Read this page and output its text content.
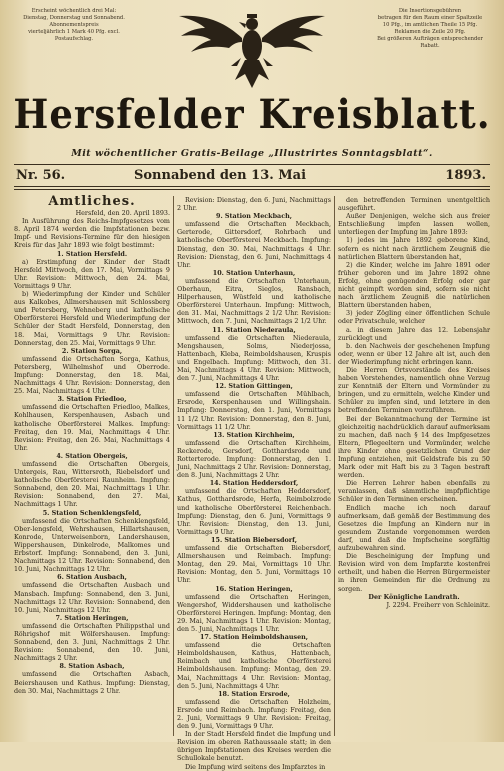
Erscheint wöchentlich drei Mal:
Dienstag, Donnerstag und Sonnabend.
Abonnementspreis
vierteljährlich 1 Mark 40 Pfg. excl.
Postaufschlag.
Die Insertionsgebühren
betragen für den Raum einer Spaltzeile
10 Pfg., im amtlichen Theile 15 Pfg.
Reklamen die Zeile 20 Pfg.
Bei größeren Aufträgen entsprechender
Rabatt.
Hersfelder Kreisblatt.
Mit wöchentlicher Gratis-Beilage „Illustrirtes Sonntagsblatt“.
Nr. 56.	Sonnabend den 13. Mai	1893.
Amtliches.

Hersfeld, den 20. April 1893.

In Ausführung des Reichs-Impfgesetzes vom 8. April 1874 werden die Impfstationen bezw. Impf- und Revisions-Termine für den hiesigen Kreis für das Jahr 1893 wie folgt bestimmt:

1. Station Hersfeld.

a) Erstimpfung der Kinder der Stadt Hersfeld Mittwoch, den 17. Mai, Vormittags 9 Uhr. Revision: Mittwoch, den 24. Mai, Vormittags 9 Uhr.

b) Wiederimpfung der Kinder und Schüler aus Kalkobes, Allmershausen mit Schlossberg und Petersberg, Wehneberg und katholische Oberförsterei Hersfeld und Wiederimpfung der Schüler der Stadt Hersfeld, Donnerstag, den 18. Mai, Vormittags 9 Uhr. Revision: Donnerstag, den 25. Mai, Vormittags 9 Uhr.

2. Station Sorga,

umfassend die Ortschaften Sorga, Kathus, Petersberg, Wilhelmshof und Oberrode. Impfung: Donnerstag, den 18. Mai, Nachmittags 4 Uhr. Revision: Donnerstag, den 25. Mai, Nachmittags 4 Uhr.

3. Station Friedloo,

umfassend die Ortschaften Friedloo, Malkes, Kohlhausen, Kerspenhausen, Asbach und katholische Oberförsterei Malkes. Impfung: Freitag, den 19. Mai, Nachmittags 4 Uhr. Revision: Freitag, den 26. Mai, Nachmittags 4 Uhr.

4. Station Obergeis,

umfassend die Ortschaften Obergeis, Untergeis, Rau, Wittersroth, Riebelsdorf und katholische Oberförsterei Raunheim. Impfung: Sonnabend, den 20. Mai, Nachmittags 1 Uhr. Revision: Sonnabend, den 27. Mai, Nachmittags 1 Uhr.

5. Station Schenklengsfeld,

umfassend die Ortschaften Schenklengsfeld, Ober-lengsfeld, Wehrshausen, Hillartshausen, Konrode, Unterweisenborn, Landershausen, Wippershausen, Dinkelrode, Malkomes und Erbstorf. Impfung: Sonnabend, den 3. Juni, Nachmittags 12 Uhr. Revision: Sonnabend, den 10. Juni, Nachmittags 12 Uhr.

6. Station Ausbach,

umfassend die Ortschaften Ausbach und Mansbach. Impfung: Sonnabend, den 3. Juni, Nachmittags 12 Uhr. Revision: Sonnabend, den 10. Juni, Nachmittags 12 Uhr.

7. Station Heringen,

umfassend die Ortschaften Philippsthal und Röhrigshof mit Wölfershausen. Impfung: Sonnabend, den 3. Juni, Nachmittags 2 Uhr. Revision: Sonnabend, den 10. Juni, Nachmittags 2 Uhr.

8. Station Asbach,

umfassend die Ortschaften Asbach, Beiershausen und Kathus. Impfung: Dienstag, den 30. Mai, Nachmittags 2 Uhr.

Revision: Dienstag, den 6. Juni, Nachmittags 2 Uhr.

9. Station Meckbach,

umfassend die Ortschaften Meckbach, Gerterode, Gittersdorf, Rohrbach und katholische Oberförsterei Meckbach. Impfung: Dienstag, den 30. Mai, Nachmittags 4 Uhr. Revision: Dienstag, den 6. Juni, Nachmittags 4 Uhr.

10. Station Unterhaun,

umfassend die Ortschaften Unterhaun, Oberhaun, Eitra, Sieglos, Ransbach, Hilperhausen, Wüstfeld und katholische Oberförsterei Unterhaun. Impfung: Mittwoch, den 31. Mai, Nachmittags 2 1/2 Uhr. Revision: Mittwoch, den 7. Juni, Nachmittags 2 1/2 Uhr.

11. Station Niederaula,

umfassend die Ortschaften Niederaula, Mengshausen, Solms, Niederjossa, Hattenbach, Kleba, Reimboldshausen, Kruspis und Engelbach. Impfung: Mittwoch, den 31. Mai, Nachmittags 4 Uhr. Revision: Mittwoch, den 7. Juni, Nachmittags 4 Uhr.

12. Station Gittingen,

umfassend die Ortschaften Mühlbach, Ersrode, Kerspenhausen und Willingshain. Impfung: Donnerstag, den 1. Juni, Vormittags 11 1/2 Uhr. Revision: Donnerstag, den 8. Juni, Vormittags 11 1/2 Uhr.

13. Station Kirchheim,

umfassend die Ortschaften Kirchheim, Reckerode, Gersdorf, Gotthardsrode und Rotterterode. Impfung: Donnerstag, den 1. Juni, Nachmittags 2 Uhr. Revision: Donnerstag, den 8. Juni, Nachmittags 2 Uhr.

14. Station Heddersdorf,

umfassend die Ortschaften Heddersdorf, Kathus, Gotthardsrode, Herfa, Reimbolzrode und katholische Oberförsterei Reichenbach. Impfung: Dienstag, den 6. Juni, Vormittags 9 Uhr. Revision: Dienstag, den 13. Juni, Vormittags 9 Uhr.

15. Station Biebersdorf,

umfassend die Ortschaften Biebersdorf, Allmershausen und Reimbach. Impfung: Montag, den 29. Mai, Vormittags 10 Uhr. Revision: Montag, den 5. Juni, Vormittags 10 Uhr.

16. Station Heringen,

umfassend die Ortschaften Heringen, Wengershof, Widdershausen und katholische Oberförsterei Heringen. Impfung: Montag, den 29. Mai, Nachmittags 1 Uhr. Revision: Montag, den 5. Juni, Nachmittags 1 Uhr.

17. Station Heimboldshausen,

umfassend die Ortschaften Heimboldshausen, Kathus, Hattenbach, Reimbach und katholische Oberförsterei Heimboldshausen. Impfung: Montag, den 29. Mai, Nachmittags 4 Uhr. Revision: Montag, den 5. Juni, Nachmittags 4 Uhr.

18. Station Ersrode,

umfassend die Ortschaften Holzheim, Ersrode und Reimbach. Impfung: Freitag, den 2. Juni, Vormittags 9 Uhr. Revision: Freitag, den 9. Juni, Vormittags 9 Uhr.

In der Stadt Hersfeld findet die Impfung und Revision im oberen Rathaussaale statt; in den übrigen Impfstationen des Kreises werden die Schullokale benutzt.

Die Impfung wird seitens des Impfarztes in

den betreffenden Terminen unentgeltlich ausgeführt.

Außer Denjenigen, welche sich aus freier Entschließung impfen lassen wollen, unterliegen der Impfung im Jahre 1893:

1) jedes im Jahre 1892 geborene Kind, sofern es nicht nach ärztlichem Zeugniß die natürlichen Blattern überstanden hat,

2) die Kinder, welche im Jahre 1891 oder früher geboren und im Jahre 1892 ohne Erfolg, ohne genügenden Erfolg oder gar nicht geimpft worden sind, sofern sie nicht nach ärztlichem Zeugniß die natürlichen Blattern überstanden haben,

3) jeder Zögling einer öffentlichen Schule oder Privatschule, welcher

a. in diesem Jahre das 12. Lebensjahr zurücklegt und

b. den Nachweis der geschehenen Impfung oder, wenn er über 12 Jahre alt ist, auch den der Wiederimpfung nicht erbringen kann.

Die Herren Ortsvorstände des Kreises haben Vorstehendes, namentlich ohne Verzug zur Kenntniß der Eltern und Vormünder zu bringen, und zu ermitteln, welche Kinder und Schüler zu impfen sind, und letztere in den betreffenden Terminen vorzuführen.

Bei der Bekanntmachung der Termine ist gleichzeitig nachdrücklich darauf aufmerksam zu machen, daß nach § 14 des Impfgesetzes Eltern, Pflegeeltern und Vormünder, welche ihre Kinder ohne gesetzlichen Grund der Impfung entziehen, mit Geldstrafe bis zu 50 Mark oder mit Haft bis zu 3 Tagen bestraft werden.

Die Herren Lehrer haben ebenfalls zu veranlassen, daß sämmtliche impfpflichtige Schüler in den Terminen erscheinen.

Endlich mache ich noch darauf aufmerksam, daß gemäß der Bestimmung des Gesetzes die Impfung an Kindern nur in gesundem Zustande vorgenommen werden darf, und daß die Impfscheine sorgfältig aufzubewahren sind.

Die Bescheinigung der Impfung und Revision wird von dem Impfarzte kostenfrei ertheilt, und haben die Herren Bürgermeister in ihren Gemeinden für die Ordnung zu sorgen.

Der Königliche Landrath.

J. 2294. Freiherr von Schleinitz.
